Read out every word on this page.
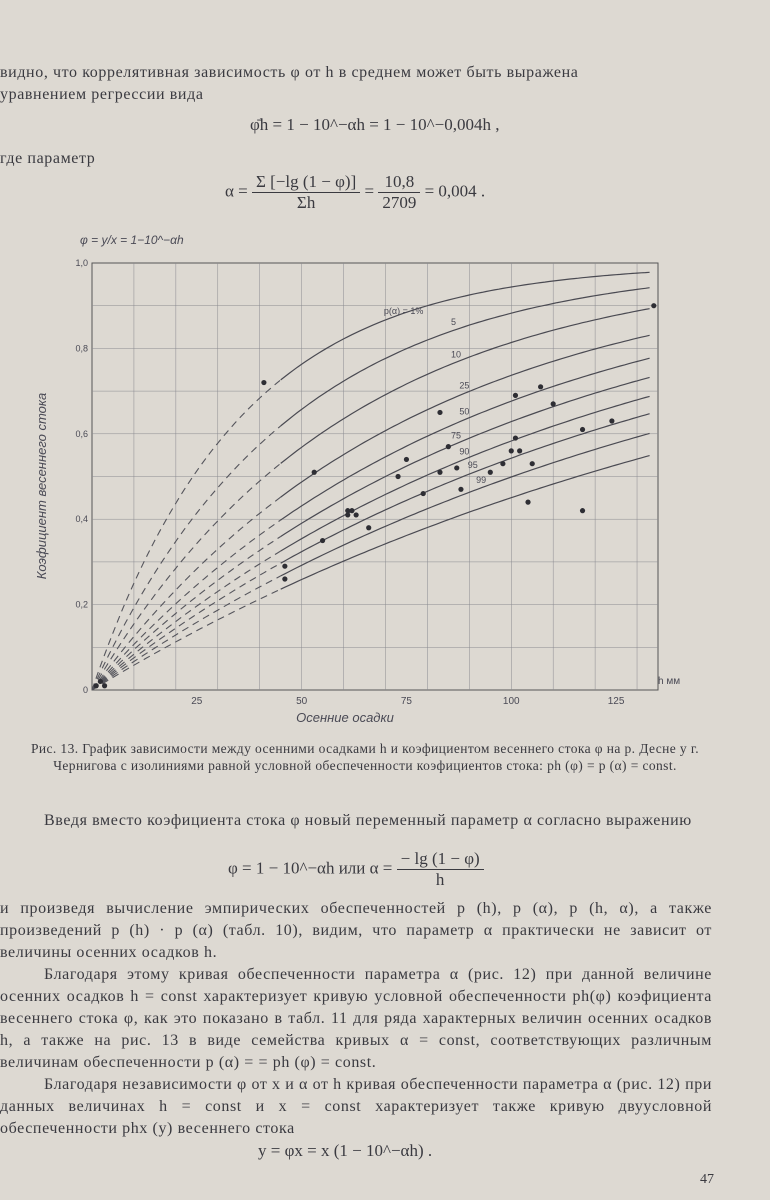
видно, что коррелятивная зависимость φ от h в среднем может быть выражена
уравнением регрессии вида
φ̄h = 1 − 10^−αh = 1 − 10^−0,004h ,
где параметр
$\alpha = \frac{\Sigma [-\lg (1 - \varphi)]}{\Sigma h} = \frac{10,8}{2709} = 0,004$ .
φ = y/x = 1−10^−αh
p(α) = 1%
5
10
25
50
75
90
95
99
25	50	75	100	125
0
0,2
0,4
0,6
0,8
1,0
h мм
Осенние осадки
Коэфициент весеннего стока
Рис. 13. График зависимости между осенними осадками h и коэфициентом весеннего стока φ на р. Десне у г. Чернигова с изолиниями равной условной обеспеченности коэфициентов стока: ph (φ) = p (α) = const.
Введя вместо коэфициента стока φ новый переменный параметр α согласно выражению
φ = 1 − 10^−αh или $\alpha = \frac{- \lg (1 - \varphi)}{h}$
и произведя вычисление эмпирических обеспеченностей p (h), p (α), p (h, α), а также произведений p (h) · p (α) (табл. 10), видим, что параметр α практически не зависит от величины осенних осадков h.
Благодаря этому кривая обеспеченности параметра α (рис. 12) при данной величине осенних осадков h = const характеризует кривую условной обеспеченности ph(φ) коэфициента весеннего стока φ, как это показано в табл. 11 для ряда характерных величин осенних осадков h, а также на рис. 13 в виде семейства кривых α = const, соответствующих различным величинам обеспеченности p (α) = = ph (φ) = const.
Благодаря независимости φ от x и α от h кривая обеспеченности параметра α (рис. 12) при данных величинах h = const и x = const характеризует также кривую двуусловной обеспеченности phx (y) весеннего стока
y = φx = x (1 − 10^−αh) .
47
